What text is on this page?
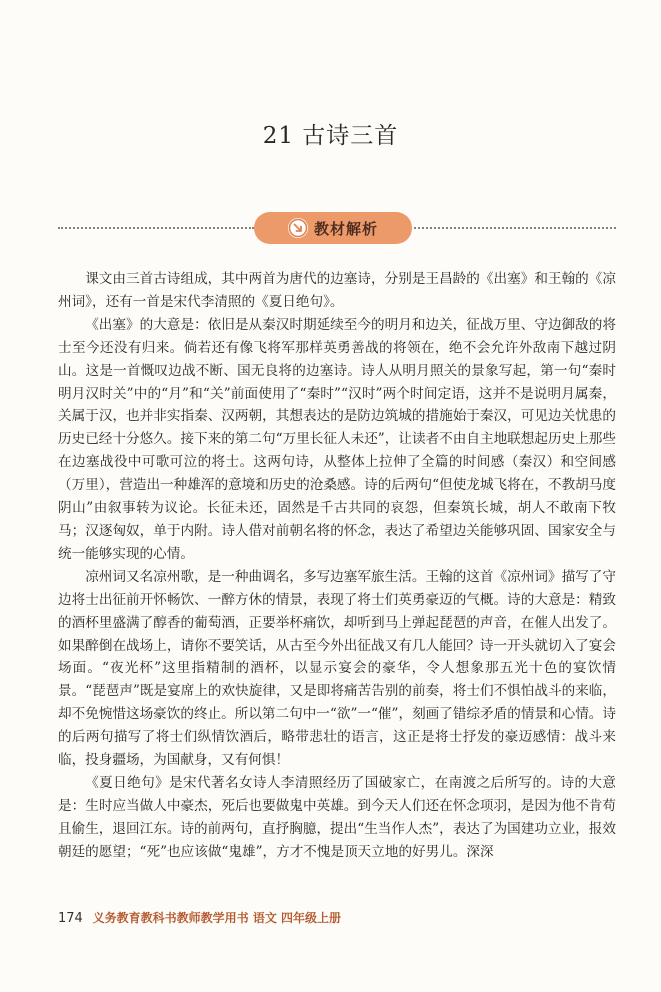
21 古诗三首
教材解析

课文由三首古诗组成，其中两首为唐代的边塞诗，分别是王昌龄的《出塞》和王翰的《凉州词》，还有一首是宋代李清照的《夏日绝句》。

《出塞》的大意是：依旧是从秦汉时期延续至今的明月和边关，征战万里、守边御敌的将士至今还没有归来。倘若还有像飞将军那样英勇善战的将领在，绝不会允许外敌南下越过阴山。这是一首慨叹边战不断、国无良将的边塞诗。诗人从明月照关的景象写起，第一句“秦时明月汉时关”中的“月”和“关”前面使用了“秦时”“汉时”两个时间定语，这并不是说明月属秦，关属于汉，也并非实指秦、汉两朝，其想表达的是防边筑城的措施始于秦汉，可见边关忧患的历史已经十分悠久。接下来的第二句“万里长征人未还”，让读者不由自主地联想起历史上那些在边塞战役中可歌可泣的将士。这两句诗，从整体上拉伸了全篇的时间感（秦汉）和空间感（万里），营造出一种雄浑的意境和历史的沧桑感。诗的后两句“但使龙城飞将在，不教胡马度阴山”由叙事转为议论。长征未还，固然是千古共同的哀怨，但秦筑长城，胡人不敢南下牧马；汉逐匈奴，单于内附。诗人借对前朝名将的怀念，表达了希望边关能够巩固、国家安全与统一能够实现的心情。

凉州词又名凉州歌，是一种曲调名，多写边塞军旅生活。王翰的这首《凉州词》描写了守边将士出征前开怀畅饮、一醉方休的情景，表现了将士们英勇豪迈的气概。诗的大意是：精致的酒杯里盛满了醇香的葡萄酒，正要举杯痛饮，却听到马上弹起琵琶的声音，在催人出发了。如果醉倒在战场上，请你不要笑话，从古至今外出征战又有几人能回？诗一开头就切入了宴会场面。“夜光杯”这里指精制的酒杯，以显示宴会的豪华，令人想象那五光十色的宴饮情景。“琵琶声”既是宴席上的欢快旋律，又是即将痛苦告别的前奏，将士们不惧怕战斗的来临，却不免惋惜这场豪饮的终止。所以第二句中一“欲”一“催”，刻画了错综矛盾的情景和心情。诗的后两句描写了将士们纵情饮酒后，略带悲壮的语言，这正是将士抒发的豪迈感情：战斗来临，投身疆场，为国献身，又有何惧！

《夏日绝句》是宋代著名女诗人李清照经历了国破家亡，在南渡之后所写的。诗的大意是：生时应当做人中豪杰，死后也要做鬼中英雄。到今天人们还在怀念项羽，是因为他不肯苟且偷生，退回江东。诗的前两句，直抒胸臆，提出“生当作人杰”，表达了为国建功立业，报效朝廷的愿望；“死”也应该做“鬼雄”，方才不愧是顶天立地的好男儿。深深

174 义务教育教科书教师教学用书 语文 四年级上册
